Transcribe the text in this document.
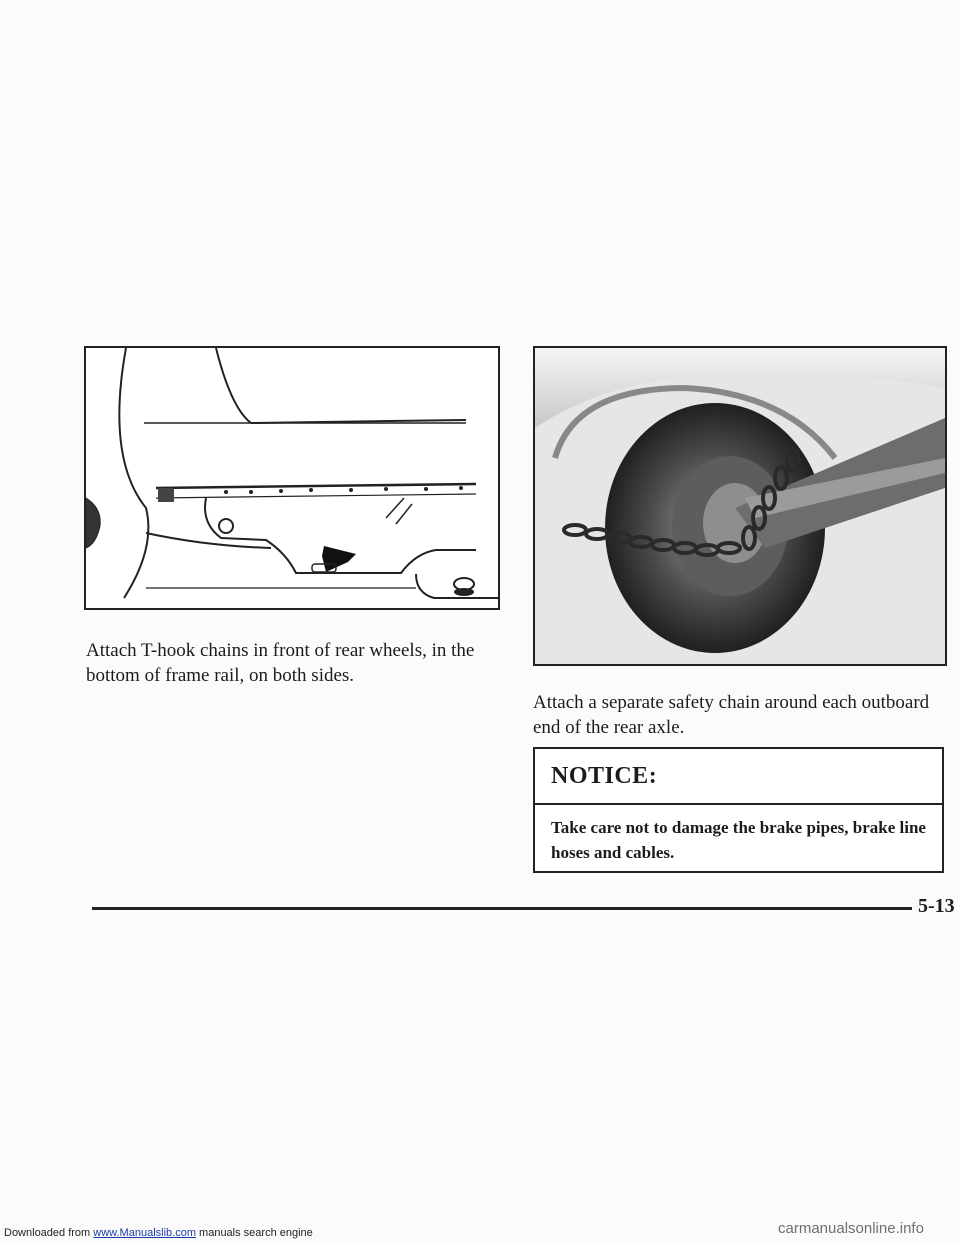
Attach T-hook chains in front of rear wheels, in the bottom of frame rail, on both sides.

Attach a separate safety chain around each outboard end of the rear axle.

NOTICE:
Take care not to damage the brake pipes, brake line hoses and cables.
5-13
Downloaded from www.Manualslib.com manuals search engine	carmanualsonline.info
